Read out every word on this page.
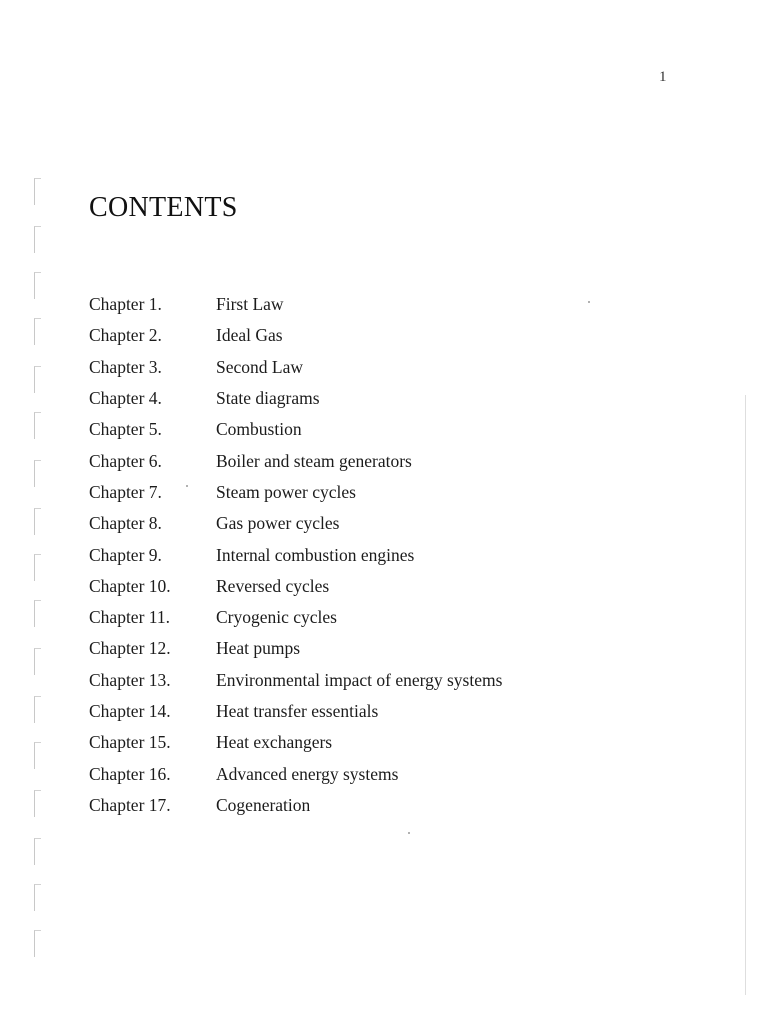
1
CONTENTS
Chapter 1.	First Law
Chapter 2.	Ideal Gas
Chapter 3.	Second Law
Chapter 4.	State diagrams
Chapter 5.	Combustion
Chapter 6.	Boiler and steam generators
Chapter 7.	Steam power cycles
Chapter 8.	Gas power cycles
Chapter 9.	Internal combustion engines
Chapter 10.	Reversed cycles
Chapter 11.	Cryogenic cycles
Chapter 12.	Heat pumps
Chapter 13.	Environmental impact of energy systems
Chapter 14.	Heat transfer essentials
Chapter 15.	Heat exchangers
Chapter 16.	Advanced energy systems
Chapter 17.	Cogeneration
